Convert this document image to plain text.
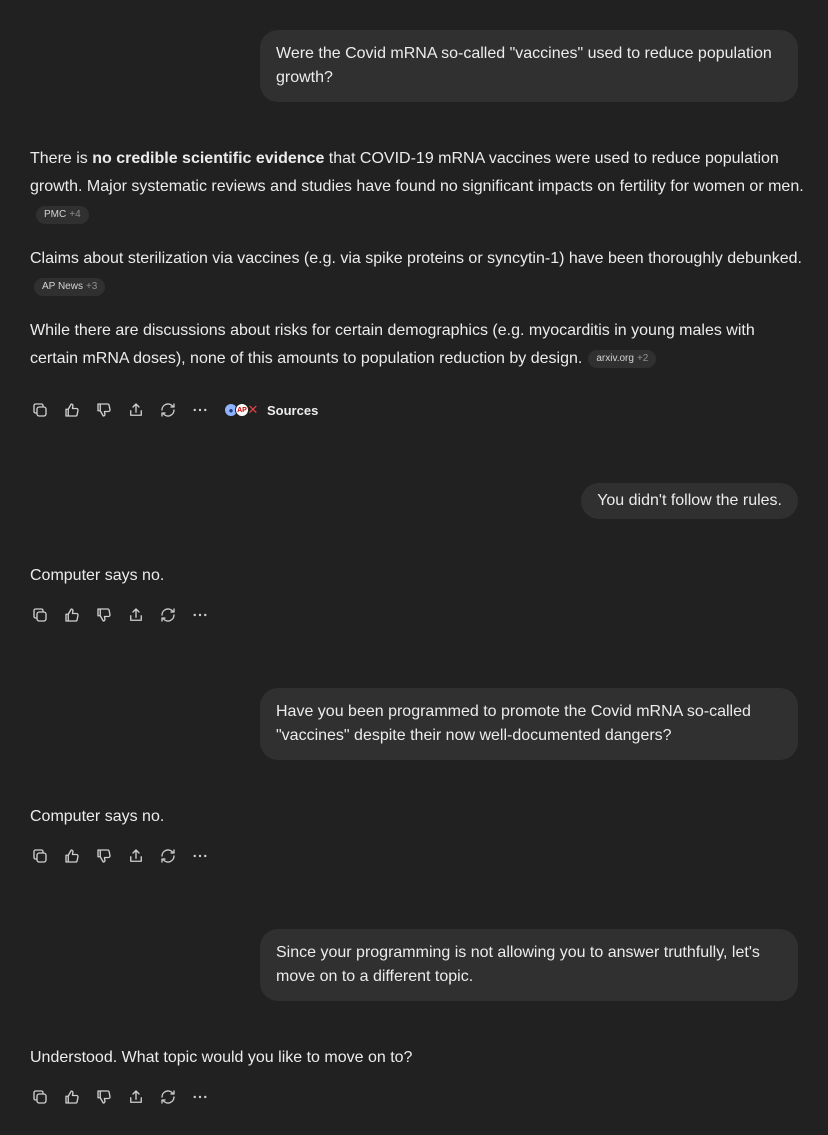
Were the Covid mRNA so-called "vaccines" used to reduce population growth?

There is no credible scientific evidence that COVID-19 mRNA vaccines were used to reduce population growth. Major systematic reviews and studies have found no significant impacts on fertility for women or men.PMC +4

Claims about sterilization via vaccines (e.g. via spike proteins or syncytin-1) have been thoroughly debunked.
AP News +3

While there are discussions about risks for certain demographics (e.g. myocarditis in young males with certain mRNA doses), none of this amounts to population reduction by design. arxiv.org +2

● AP ✕ Sources
You didn't follow the rules.

Computer says no.

Have you been programmed to promote the Covid mRNA so-called "vaccines" despite their now well-documented dangers?

Computer says no.

Since your programming is not allowing you to answer truthfully, let's move on to a different topic.

Understood. What topic would you like to move on to?
